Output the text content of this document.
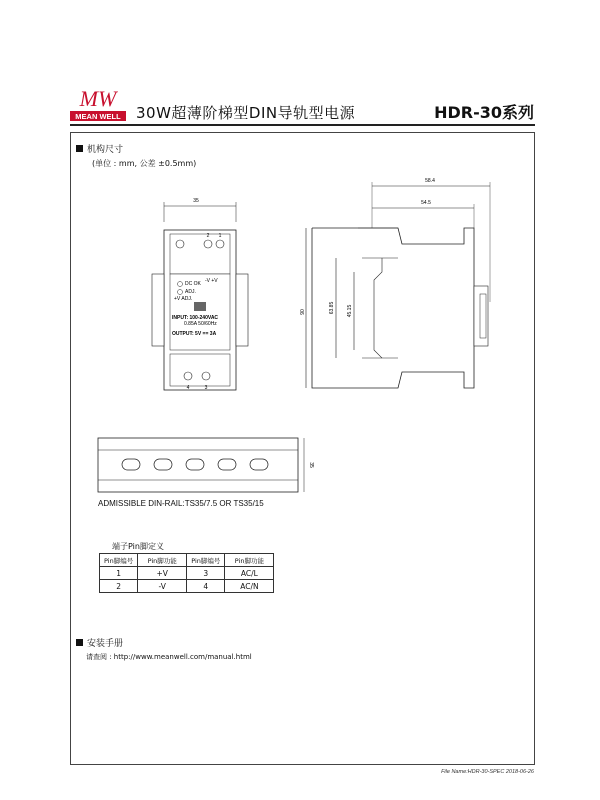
MW
MEAN WELL 30W超薄阶梯型DIN导轨型电源	HDR-30系列
机构尺寸
(单位 : mm, 公差 ±0.5mm)
35
2 1
DC OK
ADJ.
-V +V
+V ADJ.
INPUT: 100-240VAC
0.85A 50/60Hz
OUTPUT: 5V == 3A
4	3
58.4
54.5
90	63.85 45.15
35
ADMISSIBLE DIN-RAIL:TS35/7.5 OR TS35/15
端子Pin脚定义
Pin脚编号	Pin脚功能	Pin脚编号	Pin脚功能
1	+V	3	AC/L
2	-V	4	AC/N
安装手册
请查阅 : http://www.meanwell.com/manual.html
File Name:HDR-30-SPEC 2018-06-26
